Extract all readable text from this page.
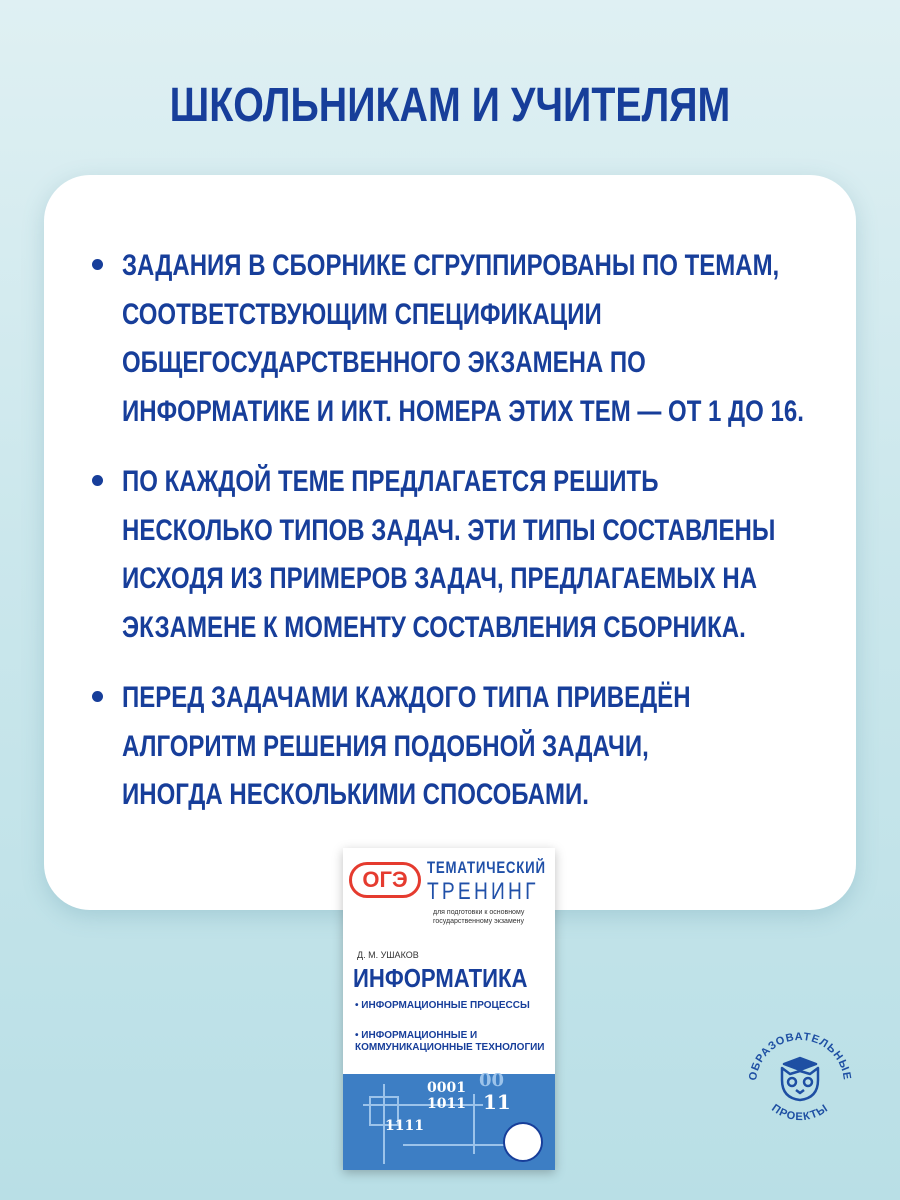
ШКОЛЬНИКАМ И УЧИТЕЛЯМ
ЗАДАНИЯ В СБОРНИКЕ СГРУППИРОВАНЫ ПО ТЕМАМ, СООТВЕТСТВУЮЩИМ СПЕЦИФИКАЦИИ ОБЩЕГОСУДАРСТВЕННОГО ЭКЗАМЕНА ПО ИНФОРМАТИКЕ И ИКТ. НОМЕРА ЭТИХ ТЕМ — ОТ 1 ДО 16.
ПО КАЖДОЙ ТЕМЕ ПРЕДЛАГАЕТСЯ РЕШИТЬ НЕСКОЛЬКО ТИПОВ ЗАДАЧ. ЭТИ ТИПЫ СОСТАВЛЕНЫ ИСХОДЯ ИЗ ПРИМЕРОВ ЗАДАЧ, ПРЕДЛАГАЕМЫХ НА ЭКЗАМЕНЕ К МОМЕНТУ СОСТАВЛЕНИЯ СБОРНИКА.
ПЕРЕД ЗАДАЧАМИ КАЖДОГО ТИПА ПРИВЕДЁН АЛГОРИТМ РЕШЕНИЯ ПОДОБНОЙ ЗАДАЧИ, ИНОГДА НЕСКОЛЬКИМИ СПОСОБАМИ.
ОГЭ	ТЕМАТИЧЕСКИЙ
ТРЕНИНГ
для подготовки к основному государственному экзамену
Д. М. УШАКОВ
ИНФОРМАТИКА
• ИНФОРМАЦИОННЫЕ ПРОЦЕССЫ
• ИНФОРМАЦИОННЫЕ И КОММУНИКАЦИОННЫЕ ТЕХНОЛОГИИ
0001
1011
1111
00
11
ОБРАЗОВАТЕЛЬНЫЕ
ПРОЕКТЫ
